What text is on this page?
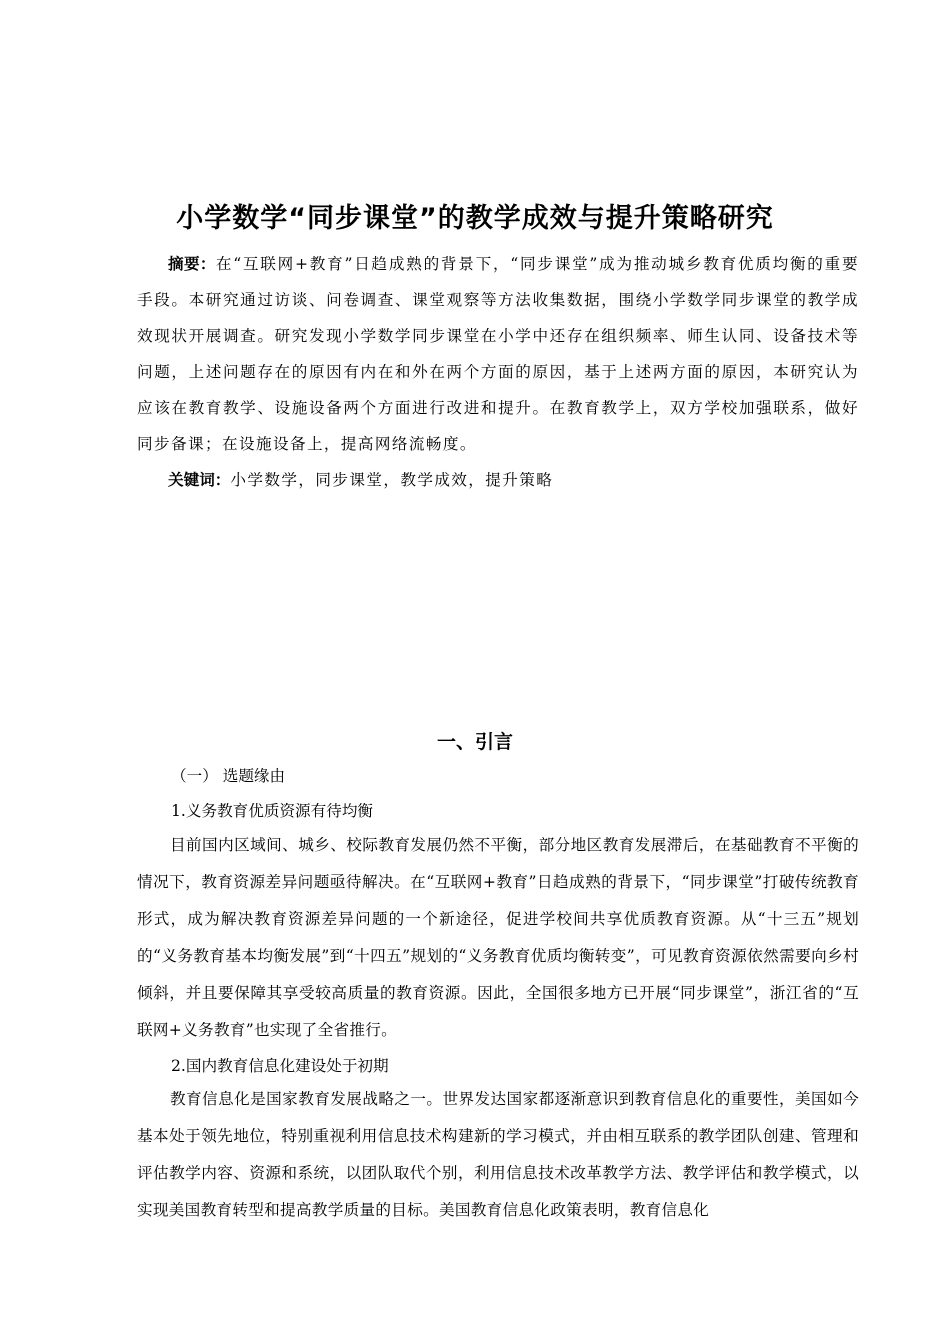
小学数学“同步课堂”的教学成效与提升策略研究
摘要：在“互联网+教育”日趋成熟的背景下，“同步课堂”成为推动城乡教育优质均衡的重要手段。本研究通过访谈、问卷调查、课堂观察等方法收集数据，围绕小学数学同步课堂的教学成效现状开展调查。研究发现小学数学同步课堂在小学中还存在组织频率、师生认同、设备技术等问题，上述问题存在的原因有内在和外在两个方面的原因，基于上述两方面的原因，本研究认为应该在教育教学、设施设备两个方面进行改进和提升。在教育教学上，双方学校加强联系，做好同步备课；在设施设备上，提高网络流畅度。
关键词：小学数学，同步课堂，教学成效，提升策略
一、引言
（一） 选题缘由
1.义务教育优质资源有待均衡
目前国内区域间、城乡、校际教育发展仍然不平衡，部分地区教育发展滞后，在基础教育不平衡的情况下，教育资源差异问题亟待解决。在“互联网+教育”日趋成熟的背景下，“同步课堂”打破传统教育形式，成为解决教育资源差异问题的一个新途径，促进学校间共享优质教育资源。从“十三五”规划的“义务教育基本均衡发展”到“十四五”规划的“义务教育优质均衡转变”，可见教育资源依然需要向乡村倾斜，并且要保障其享受较高质量的教育资源。因此，全国很多地方已开展“同步课堂”，浙江省的“互联网+义务教育”也实现了全省推行。
2.国内教育信息化建设处于初期
教育信息化是国家教育发展战略之一。世界发达国家都逐渐意识到教育信息化的重要性，美国如今基本处于领先地位，特别重视利用信息技术构建新的学习模式，并由相互联系的教学团队创建、管理和评估教学内容、资源和系统，以团队取代个别，利用信息技术改革教学方法、教学评估和教学模式，以实现美国教育转型和提高教学质量的目标。美国教育信息化政策表明，教育信息化
